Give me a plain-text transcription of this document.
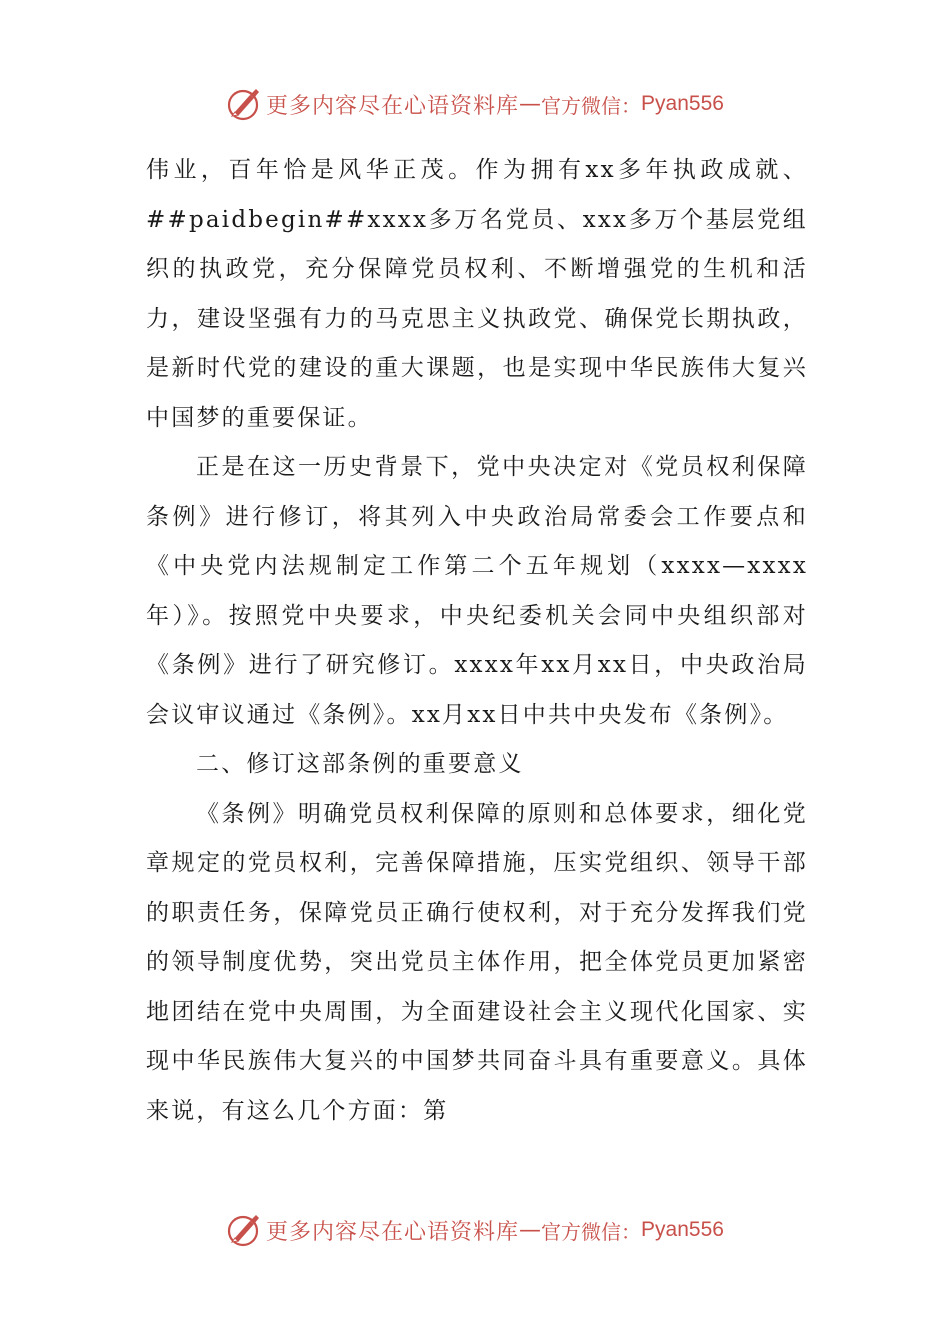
更多内容尽在心语资料库 — 官方微信： Pyan556

伟业，百年恰是风华正茂。作为拥有xx多年执政成就、##paidbegin##xxxx多万名党员、xxx多万个基层党组织的执政党，充分保障党员权利、不断增强党的生机和活力，建设坚强有力的马克思主义执政党、确保党长期执政，是新时代党的建设的重大课题，也是实现中华民族伟大复兴中国梦的重要保证。

正是在这一历史背景下，党中央决定对《党员权利保障条例》进行修订，将其列入中央政治局常委会工作要点和《中央党内法规制定工作第二个五年规划（xxxx—xxxx年）》。按照党中央要求，中央纪委机关会同中央组织部对《条例》进行了研究修订。xxxx年xx月xx日，中央政治局会议审议通过《条例》。xx月xx日中共中央发布《条例》。

二、修订这部条例的重要意义

《条例》明确党员权利保障的原则和总体要求，细化党章规定的党员权利，完善保障措施，压实党组织、领导干部的职责任务，保障党员正确行使权利，对于充分发挥我们党的领导制度优势，突出党员主体作用，把全体党员更加紧密地团结在党中央周围，为全面建设社会主义现代化国家、实现中华民族伟大复兴的中国梦共同奋斗具有重要意义。具体来说，有这么几个方面：第

更多内容尽在心语资料库 — 官方微信： Pyan556
